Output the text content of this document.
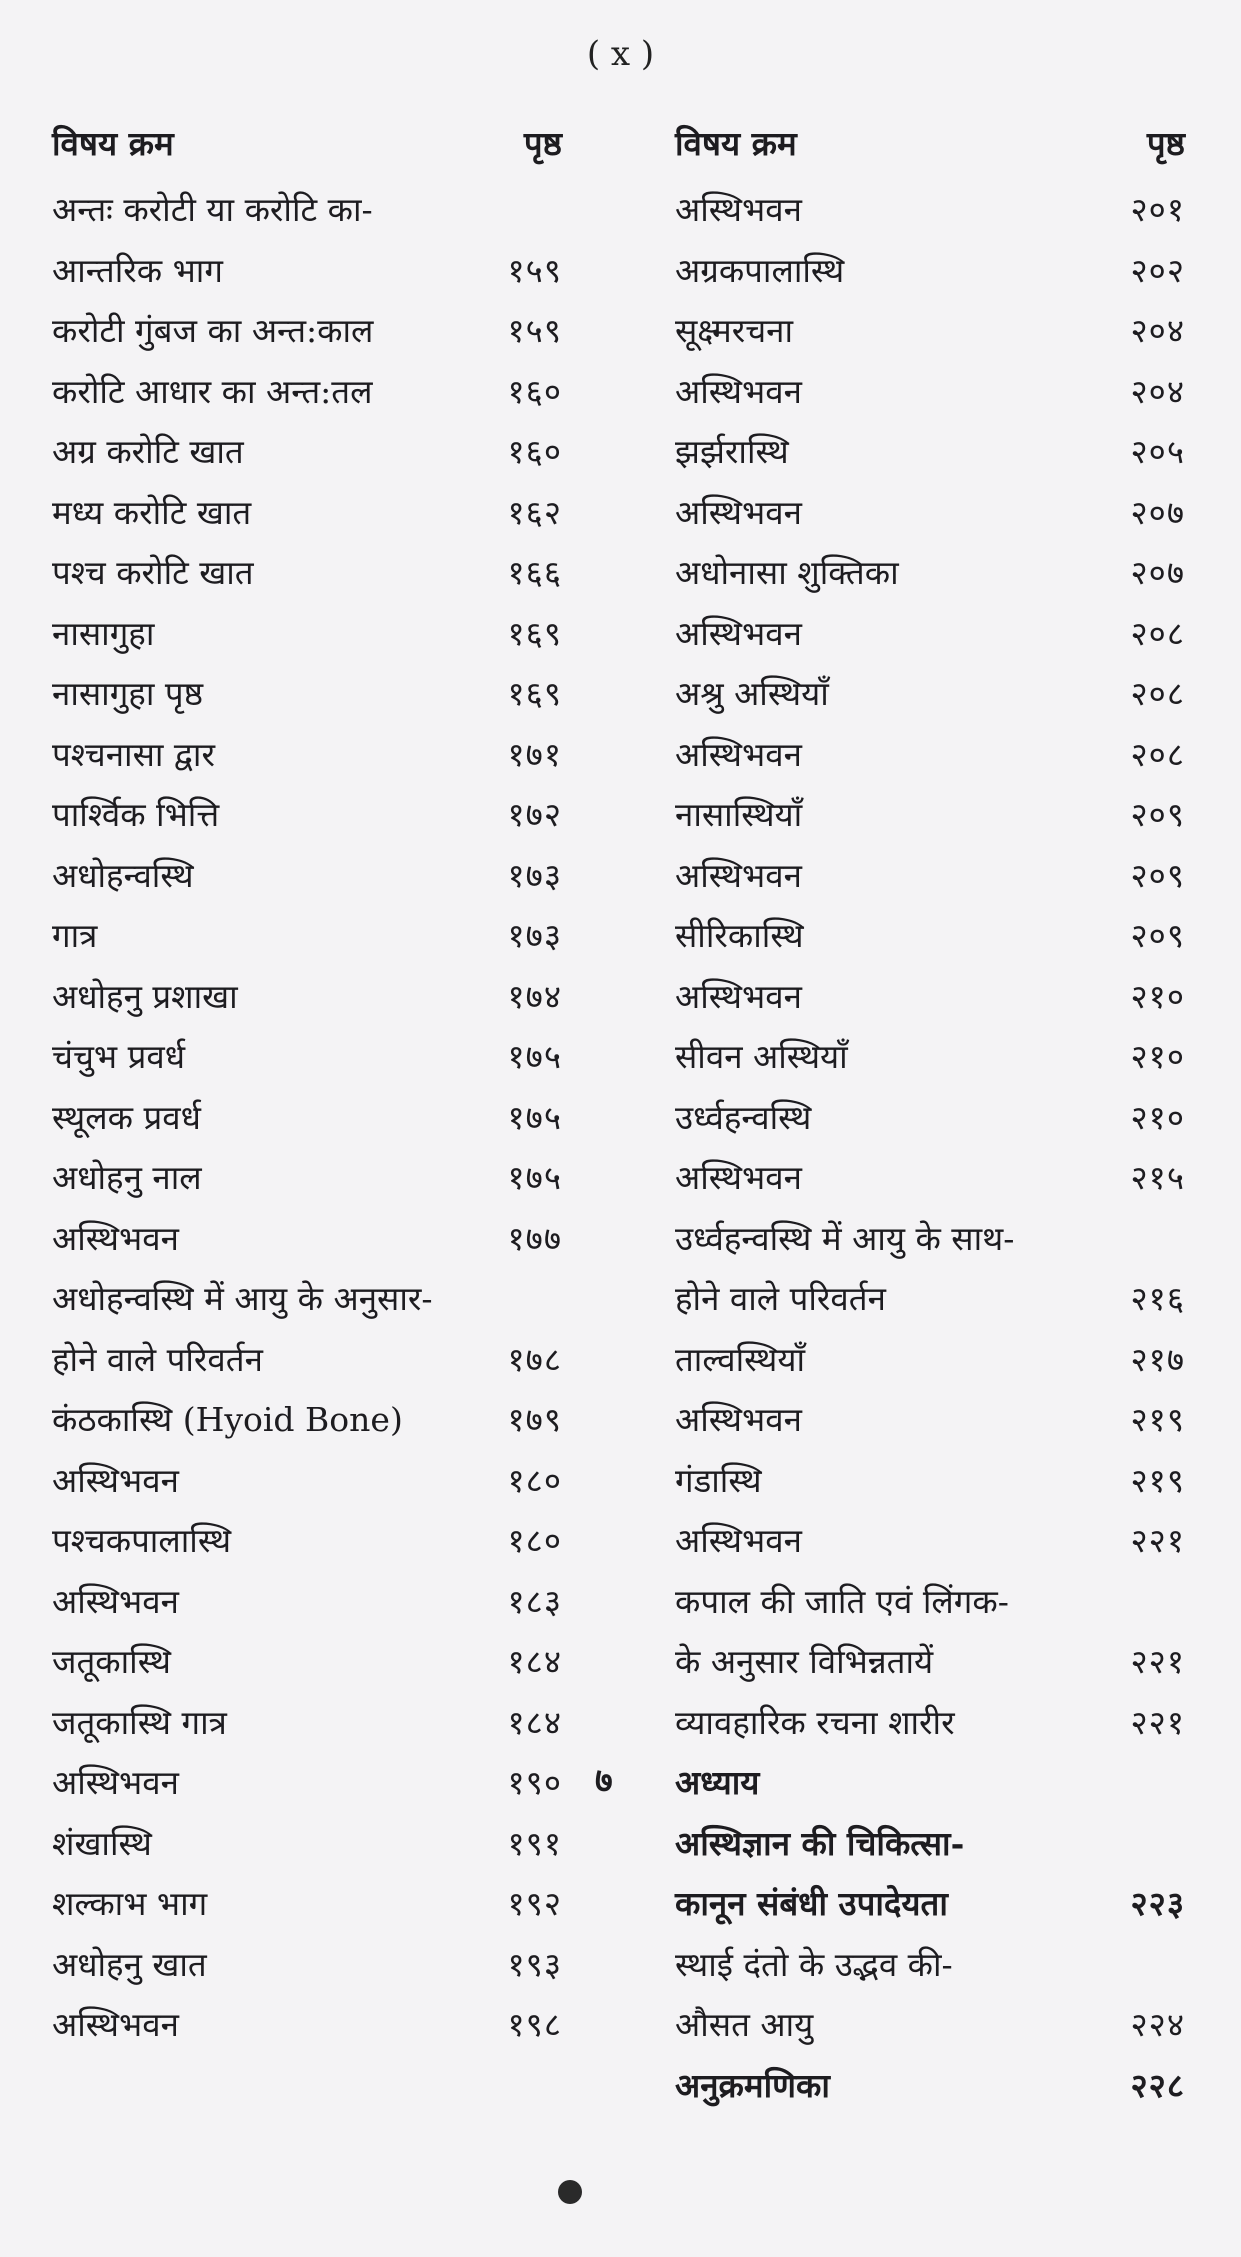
( x )
विषय क्रम	पृष्ठ
अन्तः करोटी या करोटि का-
आन्तरिक भाग	१५९
करोटी गुंबज का अन्त:काल	१५९
करोटि आधार का अन्त:तल	१६०
अग्र करोटि खात	१६०
मध्य करोटि खात	१६२
पश्च करोटि खात	१६६
नासागुहा	१६९
नासागुहा पृष्ठ	१६९
पश्चनासा द्वार	१७१
पार्श्विक भित्ति	१७२
अधोहन्वस्थि	१७३
गात्र	१७३
अधोहनु प्रशाखा	१७४
चंचुभ प्रवर्ध	१७५
स्थूलक प्रवर्ध	१७५
अधोहनु नाल	१७५
अस्थिभवन	१७७
अधोहन्वस्थि में आयु के अनुसार-
होने वाले परिवर्तन	१७८
कंठकास्थि (Hyoid Bone)	१७९
अस्थिभवन	१८०
पश्चकपालास्थि	१८०
अस्थिभवन	१८३
जतूकास्थि	१८४
जतूकास्थि गात्र	१८४
अस्थिभवन	१९०
शंखास्थि	१९१
शल्काभ भाग	१९२
अधोहनु खात	१९३
अस्थिभवन	१९८
विषय क्रम	पृष्ठ
अस्थिभवन	२०१
अग्रकपालास्थि	२०२
सूक्ष्मरचना	२०४
अस्थिभवन	२०४
झर्झरास्थि	२०५
अस्थिभवन	२०७
अधोनासा शुक्तिका	२०७
अस्थिभवन	२०८
अश्रु अस्थियाँ	२०८
अस्थिभवन	२०८
नासास्थियाँ	२०९
अस्थिभवन	२०९
सीरिकास्थि	२०९
अस्थिभवन	२१०
सीवन अस्थियाँ	२१०
उर्ध्वहन्वस्थि	२१०
अस्थिभवन	२१५
उर्ध्वहन्वस्थि में आयु के साथ-
होने वाले परिवर्तन	२१६
ताल्वस्थियाँ	२१७
अस्थिभवन	२१९
गंडास्थि	२१९
अस्थिभवन	२२१
कपाल की जाति एवं लिंगक-
के अनुसार विभिन्नतायें	२२१
व्यावहारिक रचना शारीर	२२१
अध्याय
अस्थिज्ञान की चिकित्सा-
कानून संबंधी उपादेयता	२२३
स्थाई दंतो के उद्भव की-
औसत आयु	२२४
अनुक्रमणिका	२२८
७
